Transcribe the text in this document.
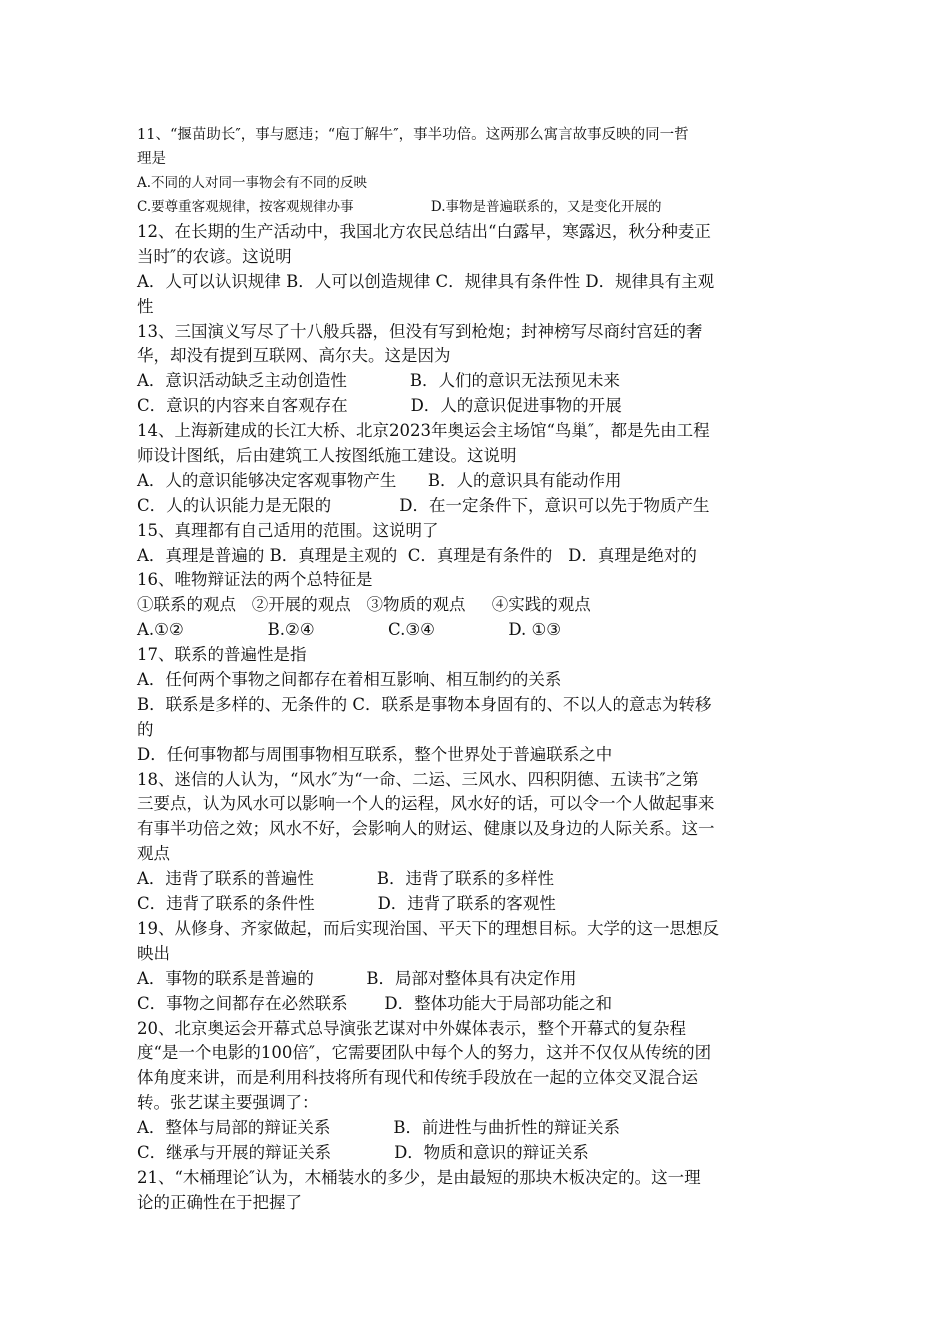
11、“揠苗助长″，事与愿违；“庖丁解牛″，事半功倍。这两那么寓言故事反映的同一哲
理是
A.不同的人对同一事物会有不同的反映
C.要尊重客观规律，按客观规律办事                  D.事物是普遍联系的，又是变化开展的
12、在长期的生产活动中，我国北方农民总结出“白露早，寒露迟，秋分种麦正
当时″的农谚。这说明
A．人可以认识规律 B．人可以创造规律 C．规律具有条件性 D．规律具有主观
性
13、三国演义写尽了十八般兵器，但没有写到枪炮；封神榜写尽商纣宫廷的奢
华，却没有提到互联网、高尔夫。这是因为
A．意识活动缺乏主动创造性            B．人们的意识无法预见未来
C．意识的内容来自客观存在            D．人的意识促进事物的开展
14、上海新建成的长江大桥、北京2023年奥运会主场馆“鸟巢″，都是先由工程
师设计图纸，后由建筑工人按图纸施工建设。这说明
A．人的意识能够决定客观事物产生      B．人的意识具有能动作用
C．人的认识能力是无限的             D．在一定条件下，意识可以先于物质产生
15、真理都有自己适用的范围。这说明了
A．真理是普遍的 B．真理是主观的  C．真理是有条件的   D．真理是绝对的
16、唯物辩证法的两个总特征是
①联系的观点   ②开展的观点   ③物质的观点     ④实践的观点
A.①②                B.②④              C.③④              D. ①③
17、联系的普遍性是指
A．任何两个事物之间都存在着相互影响、相互制约的关系
B．联系是多样的、无条件的 C．联系是事物本身固有的、不以人的意志为转移
的
D．任何事物都与周围事物相互联系，整个世界处于普遍联系之中
18、迷信的人认为，“风水″为“一命、二运、三风水、四积阴德、五读书″之第
三要点，认为风水可以影响一个人的运程，风水好的话，可以令一个人做起事来
有事半功倍之效；风水不好，会影响人的财运、健康以及身边的人际关系。这一
观点
A．违背了联系的普遍性            B．违背了联系的多样性
C．违背了联系的条件性            D．违背了联系的客观性
19、从修身、齐家做起，而后实现治国、平天下的理想目标。大学的这一思想反
映出
A．事物的联系是普遍的          B．局部对整体具有决定作用
C．事物之间都存在必然联系       D．整体功能大于局部功能之和
20、北京奥运会开幕式总导演张艺谋对中外媒体表示，整个开幕式的复杂程
度“是一个电影的100倍″，它需要团队中每个人的努力，这并不仅仅从传统的团
体角度来讲，而是利用科技将所有现代和传统手段放在一起的立体交叉混合运
转。张艺谋主要强调了：
A．整体与局部的辩证关系            B．前进性与曲折性的辩证关系
C．继承与开展的辩证关系            D．物质和意识的辩证关系
21、“木桶理论″认为，木桶装水的多少，是由最短的那块木板决定的。这一理
论的正确性在于把握了
